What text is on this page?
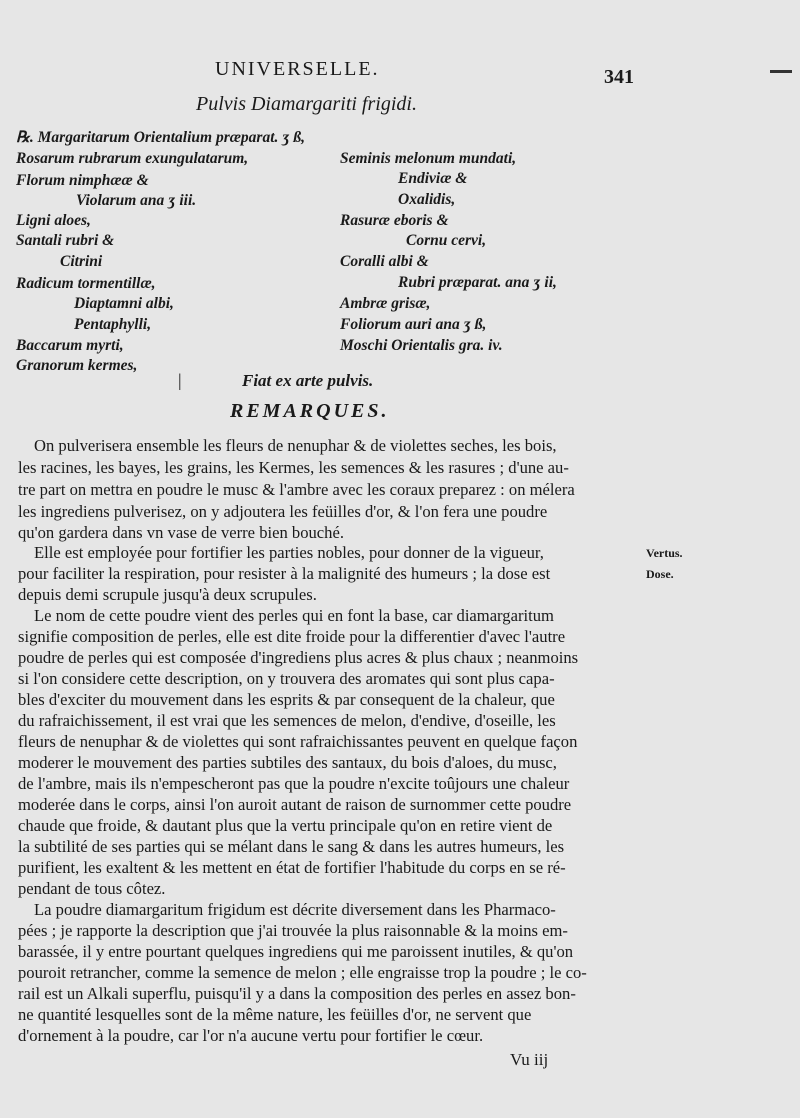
UNIVERSELLE.	341
Pulvis Diamargariti frigidi.
℞. Margaritarum Orientalium præparat. ʒ ß,
Rosarum rubrarum exungulatarum,
Florum nimphææ &
Violarum ana ʒ iii.
Ligni aloes,
Santali rubri &
Citrini
Radicum tormentillæ,
Diaptamni albi,
Pentaphylli,
Baccarum myrti,
Granorum kermes,
Seminis melonum mundati,
Endiviæ &
Oxalidis,
Rasuræ eboris &
Cornu cervi,
Coralli albi &
Rubri præparat. ana ʒ ii,
Ambræ grisæ,
Foliorum auri ana ʒ ß,
Moschi Orientalis gra. iv.
|	Fiat ex arte pulvis.
REMARQUES.
On pulverisera ensemble les fleurs de nenuphar & de violettes seches, les bois,
les racines, les bayes, les grains, les Kermes, les semences & les rasures ; d'une au-
tre part on mettra en poudre le musc & l'ambre avec les coraux preparez : on mélera
les ingrediens pulverisez, on y adjoutera les feüilles d'or, & l'on fera une poudre
qu'on gardera dans vn vase de verre bien bouché.
Elle est employée pour fortifier les parties nobles, pour donner de la vigueur,
pour faciliter la respiration, pour resister à la malignité des humeurs ; la dose est
depuis demi scrupule jusqu'à deux scrupules.
Le nom de cette poudre vient des perles qui en font la base, car diamargaritum
signifie composition de perles, elle est dite froide pour la differentier d'avec l'autre
poudre de perles qui est composée d'ingrediens plus acres & plus chaux ; neanmoins
si l'on considere cette description, on y trouvera des aromates qui sont plus capa-
bles d'exciter du mouvement dans les esprits & par consequent de la chaleur, que
du rafraichissement, il est vrai que les semences de melon, d'endive, d'oseille, les
fleurs de nenuphar & de violettes qui sont rafraichissantes peuvent en quelque façon
moderer le mouvement des parties subtiles des santaux, du bois d'aloes, du musc,
de l'ambre, mais ils n'empescheront pas que la poudre n'excite toûjours une chaleur
moderée dans le corps, ainsi l'on auroit autant de raison de surnommer cette poudre
chaude que froide, & dautant plus que la vertu principale qu'on en retire vient de
la subtilité de ses parties qui se mélant dans le sang & dans les autres humeurs, les
purifient, les exaltent & les mettent en état de fortifier l'habitude du corps en se ré-
pendant de tous côtez.
La poudre diamargaritum frigidum est décrite diversement dans les Pharmaco-
pées ; je rapporte la description que j'ai trouvée la plus raisonnable & la moins em-
barassée, il y entre pourtant quelques ingrediens qui me paroissent inutiles, & qu'on
pouroit retrancher, comme la semence de melon ; elle engraisse trop la poudre ; le co-
rail est un Alkali superflu, puisqu'il y a dans la composition des perles en assez bon-
ne quantité lesquelles sont de la même nature, les feüilles d'or, ne servent que
d'ornement à la poudre, car l'or n'a aucune vertu pour fortifier le cœur.
Vertus.
Dose.
Vu iij
